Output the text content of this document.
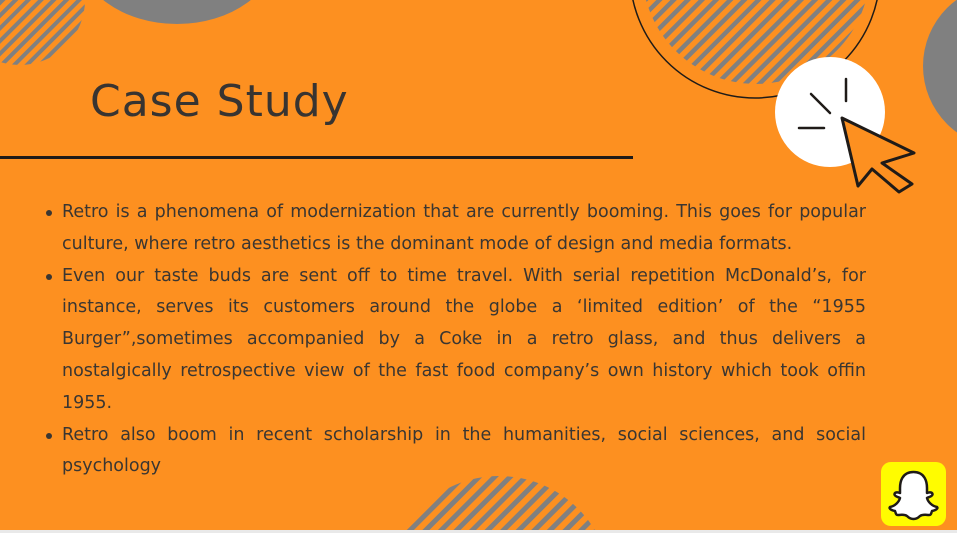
Case Study
Retro is a phenomena of modernization that are currently booming. This goes for popular culture, where retro aesthetics is the dominant mode of design and media formats.
Even our taste buds are sent off to time travel. With serial repetition McDonald’s, for instance, serves its customers around the globe a ‘limited edition’ of the “1955 Burger”,sometimes accompanied by a Coke in a retro glass, and thus delivers a nostalgically retrospective view of the fast food company’s own history which took offin 1955.
Retro also boom in recent scholarship in the humanities, social sciences, and social psychology
